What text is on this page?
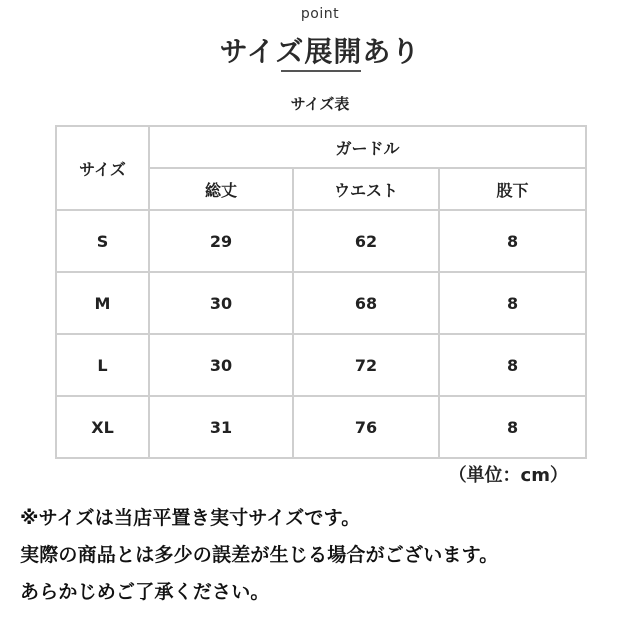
point
サイズ展開あり
サイズ表
サイズ	ガードル		
	総丈	ウエスト	股下
S	29	62	8
M	30	68	8
L	30	72	8
XL	31	76	8
（単位：cm）
※サイズは当店平置き実寸サイズです。
実際の商品とは多少の誤差が生じる場合がございます。
あらかじめご了承ください。
